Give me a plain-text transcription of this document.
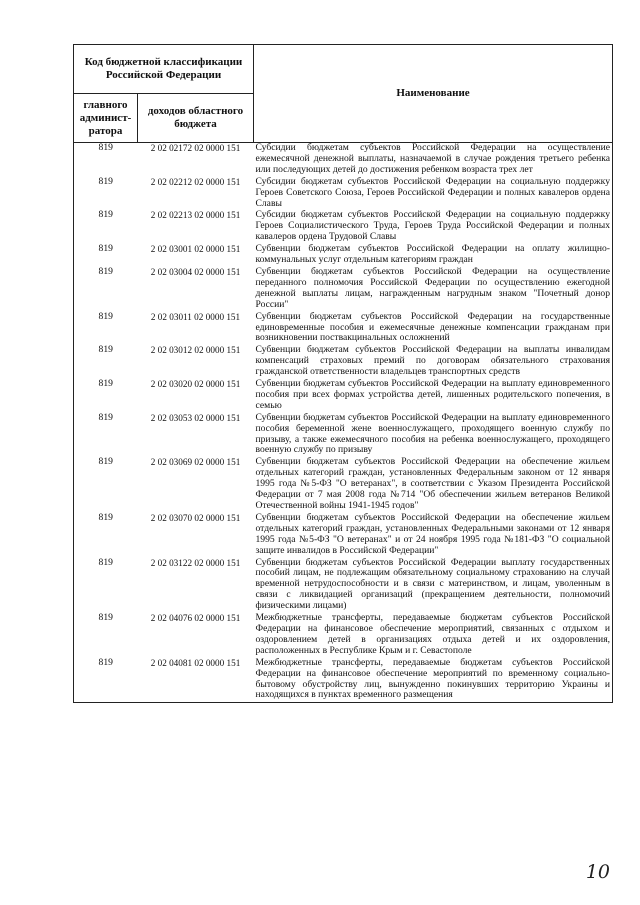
Код бюджетной классификации Российской Федерации		Наименование
главного админист-ратора	доходов областного бюджета	
819	2 02 02172 02 0000 151	Субсидии бюджетам субъектов Российской Федерации на осуществление ежемесячной денежной выплаты, назначаемой в случае рождения третьего ребенка или последующих детей до достижения ребенком возраста трех лет
819	2 02 02212 02 0000 151	Субсидии бюджетам субъектов Российской Федерации на социальную поддержку Героев Советского Союза, Героев Российской Федерации и полных кавалеров ордена Славы
819	2 02 02213 02 0000 151	Субсидии бюджетам субъектов Российской Федерации на социальную поддержку Героев Социалистического Труда, Героев Труда Российской Федерации и полных кавалеров ордена Трудовой Славы
819	2 02 03001 02 0000 151	Субвенции бюджетам субъектов Российской Федерации на оплату жилищно-коммунальных услуг отдельным категориям граждан
819	2 02 03004 02 0000 151	Субвенции бюджетам субъектов Российской Федерации на осуществление переданного полномочия Российской Федерации по осуществлению ежегодной денежной выплаты лицам, награжденным нагрудным знаком "Почетный донор России"
819	2 02 03011 02 0000 151	Субвенции бюджетам субъектов Российской Федерации на государственные единовременные пособия и ежемесячные денежные компенсации гражданам при возникновении поствакцинальных осложнений
819	2 02 03012 02 0000 151	Субвенции бюджетам субъектов Российской Федерации на выплаты инвалидам компенсаций страховых премий по договорам обязательного страхования гражданской ответственности владельцев транспортных средств
819	2 02 03020 02 0000 151	Субвенции бюджетам субъектов Российской Федерации на выплату единовременного пособия при всех формах устройства детей, лишенных родительского попечения, в семью
819	2 02 03053 02 0000 151	Субвенции бюджетам субъектов Российской Федерации на выплату единовременного пособия беременной жене военнослужащего, проходящего военную службу по призыву, а также ежемесячного пособия на ребенка военнослужащего, проходящего военную службу по призыву
819	2 02 03069 02 0000 151	Субвенции бюджетам субъектов Российской Федерации на обеспечение жильем отдельных категорий граждан, установленных Федеральным законом от 12 января 1995 года №5-ФЗ "О ветеранах", в соответствии с Указом Президента Российской Федерации от 7 мая 2008 года №714 "Об обеспечении жильем ветеранов Великой Отечественной войны 1941-1945 годов"
819	2 02 03070 02 0000 151	Субвенции бюджетам субъектов Российской Федерации на обеспечение жильем отдельных категорий граждан, установленных Федеральными законами от 12 января 1995 года №5-ФЗ "О ветеранах" и от 24 ноября 1995 года №181-ФЗ "О социальной защите инвалидов в Российской Федерации"
819	2 02 03122 02 0000 151	Субвенции бюджетам субъектов Российской Федерации выплату государственных пособий лицам, не подлежащим обязательному социальному страхованию на случай временной нетрудоспособности и в связи с материнством, и лицам, уволенным в связи с ликвидацией организаций (прекращением деятельности, полномочий физическими лицами)
819	2 02 04076 02 0000 151	Межбюджетные трансферты, передаваемые бюджетам субъектов Российской Федерации на финансовое обеспечение мероприятий, связанных с отдыхом и оздоровлением детей в организациях отдыха детей и их оздоровления, расположенных в Республике Крым и г. Севастополе
819	2 02 04081 02 0000 151	Межбюджетные трансферты, передаваемые бюджетам субъектов Российской Федерации на финансовое обеспечение мероприятий по временному социально-бытовому обустройству лиц, вынужденно покинувших территорию Украины и находящихся в пунктах временного размещения
10
